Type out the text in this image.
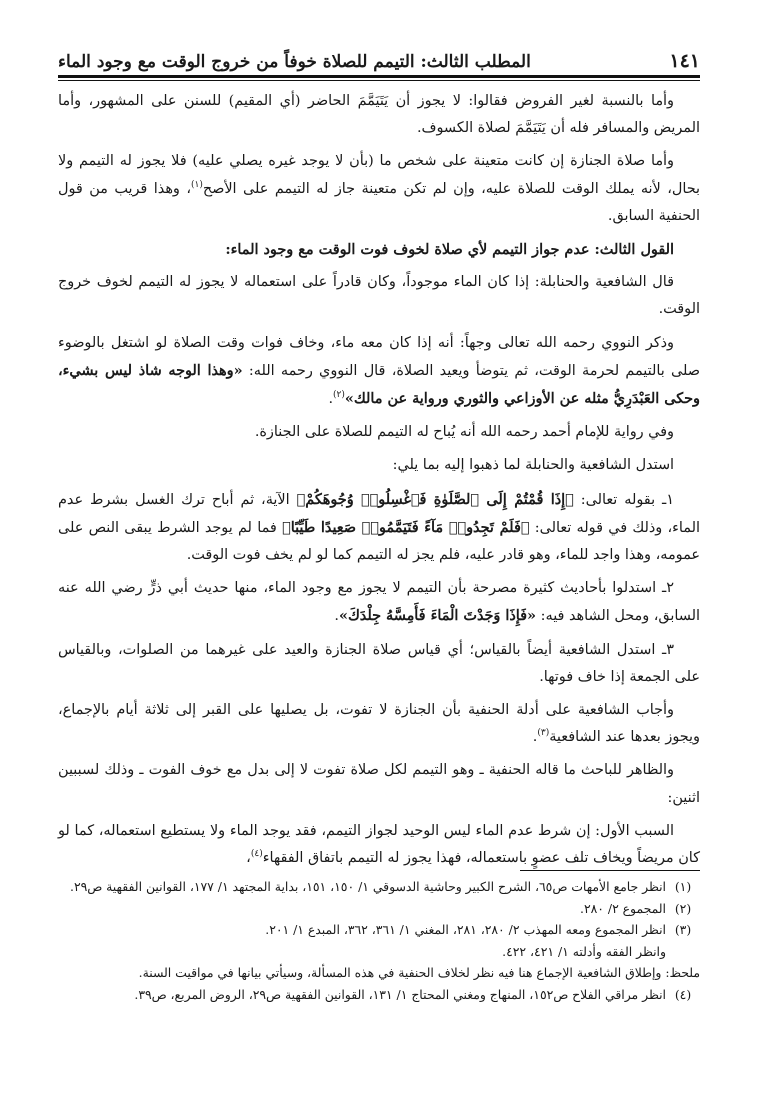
المطلب الثالث: التيمم للصلاة خوفاً من خروج الوقت مع وجود الماء	١٤١

وأما بالنسبة لغير الفروض فقالوا: لا يجوز أن يَتَيَمَّمَ الحاضر (أي المقيم) للسنن على المشهور، وأما المريض والمسافر فله أن يَتَيَمَّمَ لصلاة الكسوف.

وأما صلاة الجنازة إن كانت متعينة على شخص ما (بأن لا يوجد غيره يصلي عليه) فلا يجوز له التيمم ولا بحال، لأنه يملك الوقت للصلاة عليه، وإن لم تكن متعينة جاز له التيمم على الأصح$^{(١)}$، وهذا قريب من قول الحنفية السابق.

القول الثالث: عدم جواز التيمم لأي صلاة لخوف فوت الوقت مع وجود الماء:

قال الشافعية والحنابلة: إذا كان الماء موجوداً، وكان قادراً على استعماله لا يجوز له التيمم لخوف خروج الوقت.

وذكر النووي رحمه الله تعالى وجهاً: أنه إذا كان معه ماء، وخاف فوات وقت الصلاة لو اشتغل بالوضوء صلى بالتيمم لحرمة الوقت، ثم يتوضأ ويعيد الصلاة، قال النووي رحمه الله: «وهذا الوجه شاذ ليس بشيء، وحكى العَبْدَرِيُّ مثله عن الأوزاعي والثوري ورواية عن مالك»$^{(٢)}$.

وفي رواية للإمام أحمد رحمه الله أنه يُباح له التيمم للصلاة على الجنازة.

استدل الشافعية والحنابلة لما ذهبوا إليه بما يلي:

١ـ بقوله تعالى: ﴿إِذَا قُمْتُمْ إِلَى ٱلصَّلَوٰةِ فَٱغْسِلُوا۟ وُجُوهَكُمْ﴾ الآية، ثم أباح ترك الغسل بشرط عدم الماء، وذلك في قوله تعالى: ﴿فَلَمْ تَجِدُوا۟ مَآءً فَتَيَمَّمُوا۟ صَعِيدًا طَيِّبًا﴾ فما لم يوجد الشرط يبقى النص على عمومه، وهذا واجد للماء، وهو قادر عليه، فلم يجز له التيمم كما لو لم يخف فوت الوقت.

٢ـ استدلوا بأحاديث كثيرة مصرحة بأن التيمم لا يجوز مع وجود الماء، منها حديث أبي ذرٍّ رضي الله عنه السابق، ومحل الشاهد فيه: «فَإِذَا وَجَدْتَ الْمَاءَ فَأَمِسَّهُ جِلْدَكَ».

٣ـ استدل الشافعية أيضاً بالقياس؛ أي قياس صلاة الجنازة والعيد على غيرهما من الصلوات، وبالقياس على الجمعة إذا خاف فوتها.

وأجاب الشافعية على أدلة الحنفية بأن الجنازة لا تفوت، بل يصليها على القبر إلى ثلاثة أيام بالإجماع، ويجوز بعدها عند الشافعية$^{(٣)}$.

والظاهر للباحث ما قاله الحنفية ـ وهو التيمم لكل صلاة تفوت لا إلى بدل مع خوف الفوت ـ وذلك لسببين اثنين:

السبب الأول: إن شرط عدم الماء ليس الوحيد لجواز التيمم، فقد يوجد الماء ولا يستطيع استعماله، كما لو كان مريضاً ويخاف تلف عضوٍ باستعماله، فهذا يجوز له التيمم باتفاق الفقهاء$^{(٤)}$،

(١)
انظر جامع الأمهات ص٦٥، الشرح الكبير وحاشية الدسوقي ١/ ١٥٠، ١٥١، بداية المجتهد ١/ ١٧٧، القوانين الفقهية ص٢٩.
(٢)
المجموع ٢/ ٢٨٠.
(٣)
انظر المجموع ومعه المهذب ٢/ ٢٨٠، ٢٨١، المغني ١/ ٣٦١، ٣٦٢، المبدع ١/ ٢٠١.
وانظر الفقه وأدلته ١/ ٤٢١، ٤٢٢.
ملحظ: وإطلاق الشافعية الإجماع هنا فيه نظر لخلاف الحنفية في هذه المسألة، وسيأتي بيانها في مواقيت السنة.
(٤)
انظر مراقي الفلاح ص١٥٢، المنهاج ومغني المحتاج ١/ ١٣١، القوانين الفقهية ص٢٩، الروض المربع، ص٣٩.
